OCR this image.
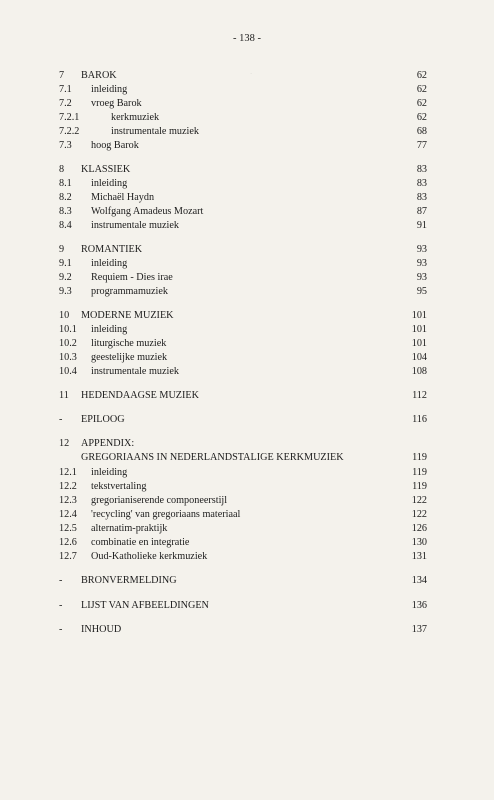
.
- 138 -
7 BAROK	62
7.1 inleiding	62
7.2 vroeg Barok	62
7.2.1	kerkmuziek	62
7.2.2	instrumentale muziek	68
7.3 hoog Barok	77
8 KLASSIEK	83
8.1 inleiding	83
8.2 Michaël Haydn	83
8.3 Wolfgang Amadeus Mozart	87
8.4 instrumentale muziek	91
9 ROMANTIEK	93
9.1 inleiding	93
9.2 Requiem - Dies irae	93
9.3 programmamuziek	95
10 MODERNE MUZIEK	101
10.1 inleiding	101
10.2 liturgische muziek	101
10.3 geestelijke muziek	104
10.4 instrumentale muziek	108
11 HEDENDAAGSE MUZIEK	112
- EPILOOG	116
12 APPENDIX:
GREGORIAANS IN NEDERLANDSTALIGE KERKMUZIEK	119
12.1 inleiding	119
12.2 tekstvertaling	119
12.3 gregorianiserende componeerstijl	122
12.4 'recycling' van gregoriaans materiaal	122
12.5 alternatim-praktijk	126
12.6 combinatie en integratie	130
12.7 Oud-Katholieke kerkmuziek	131
- BRONVERMELDING	134
- LIJST VAN AFBEELDINGEN	136
- INHOUD	137
